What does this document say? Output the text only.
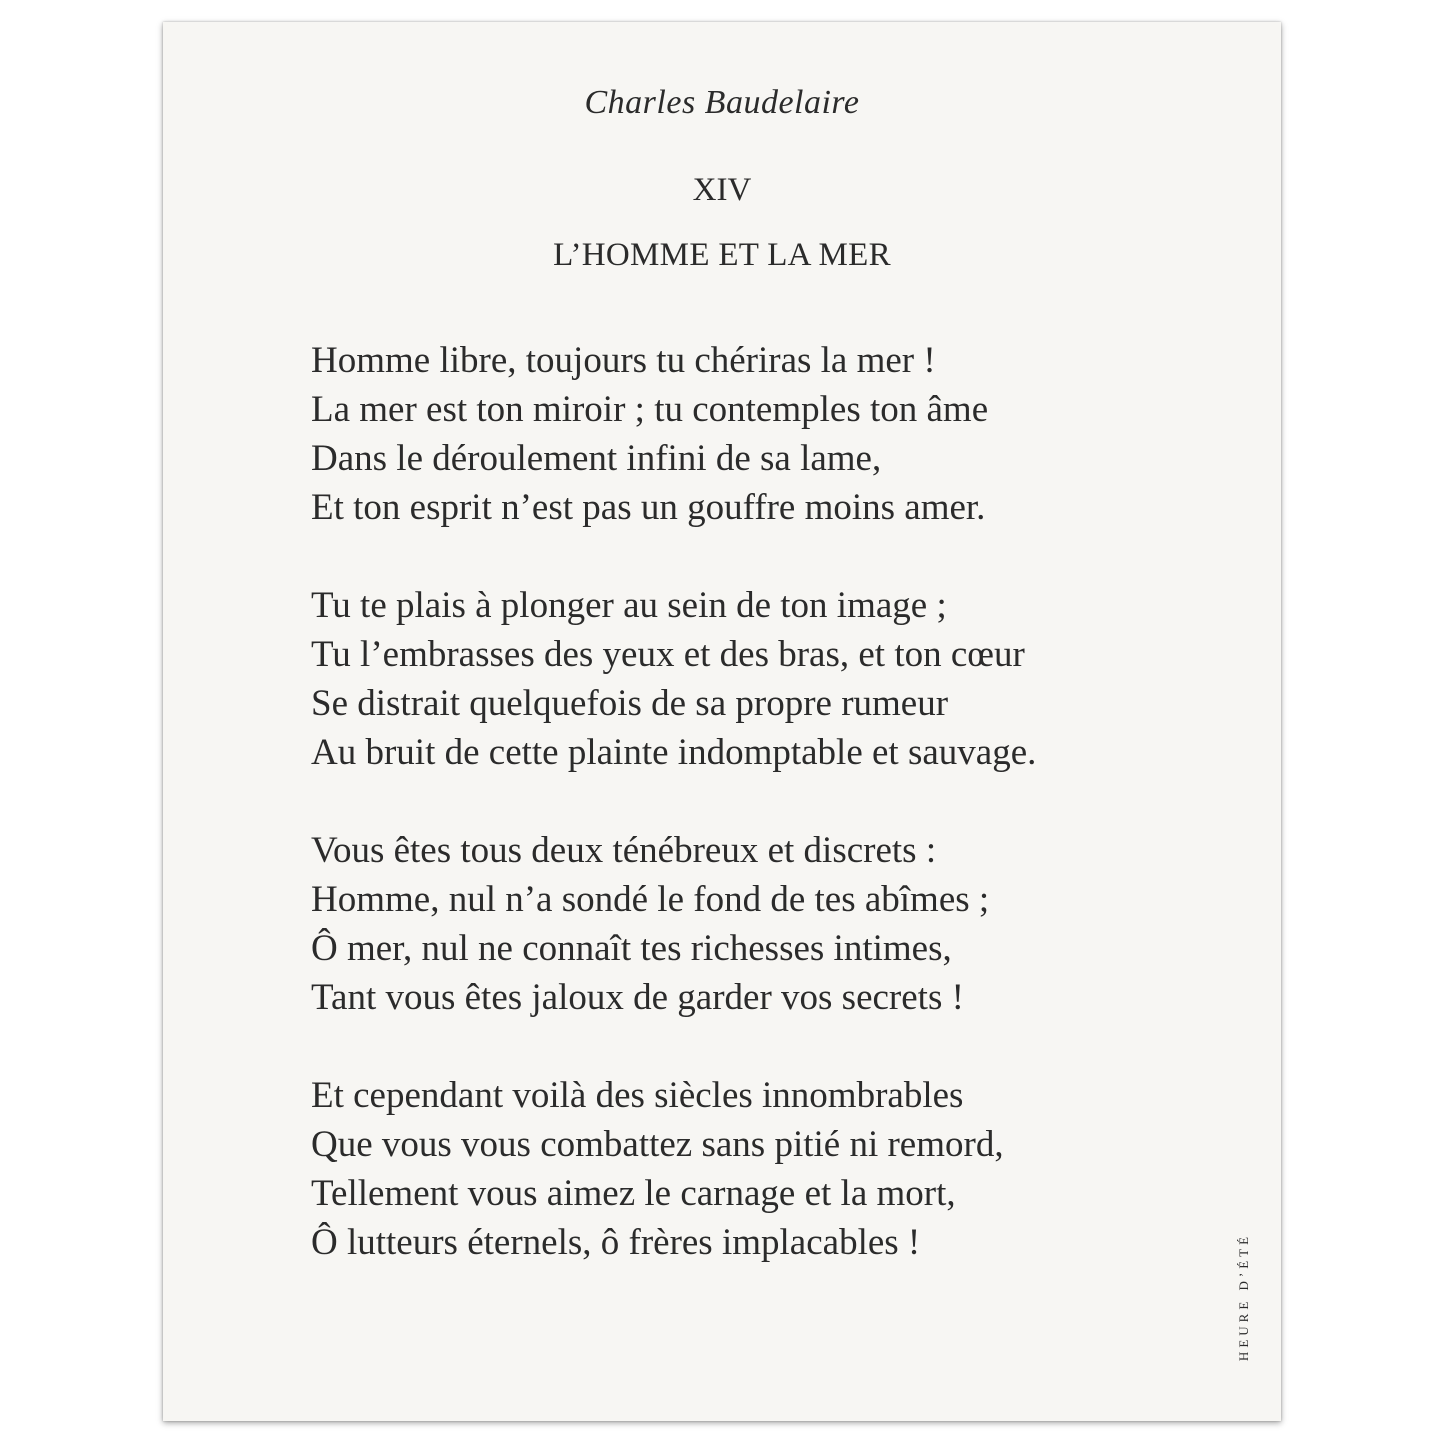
Charles Baudelaire
XIV
L’HOMME ET LA MER
Homme libre, toujours tu chériras la mer !
La mer est ton miroir ; tu contemples ton âme
Dans le déroulement infini de sa lame,
Et ton esprit n’est pas un gouffre moins amer.
Tu te plais à plonger au sein de ton image ;
Tu l’embrasses des yeux et des bras, et ton cœur
Se distrait quelquefois de sa propre rumeur
Au bruit de cette plainte indomptable et sauvage.
Vous êtes tous deux ténébreux et discrets :
Homme, nul n’a sondé le fond de tes abîmes ;
Ô mer, nul ne connaît tes richesses intimes,
Tant vous êtes jaloux de garder vos secrets !
Et cependant voilà des siècles innombrables
Que vous vous combattez sans pitié ni remord,
Tellement vous aimez le carnage et la mort,
Ô lutteurs éternels, ô frères implacables !	HEURE D’ÉTÉ
